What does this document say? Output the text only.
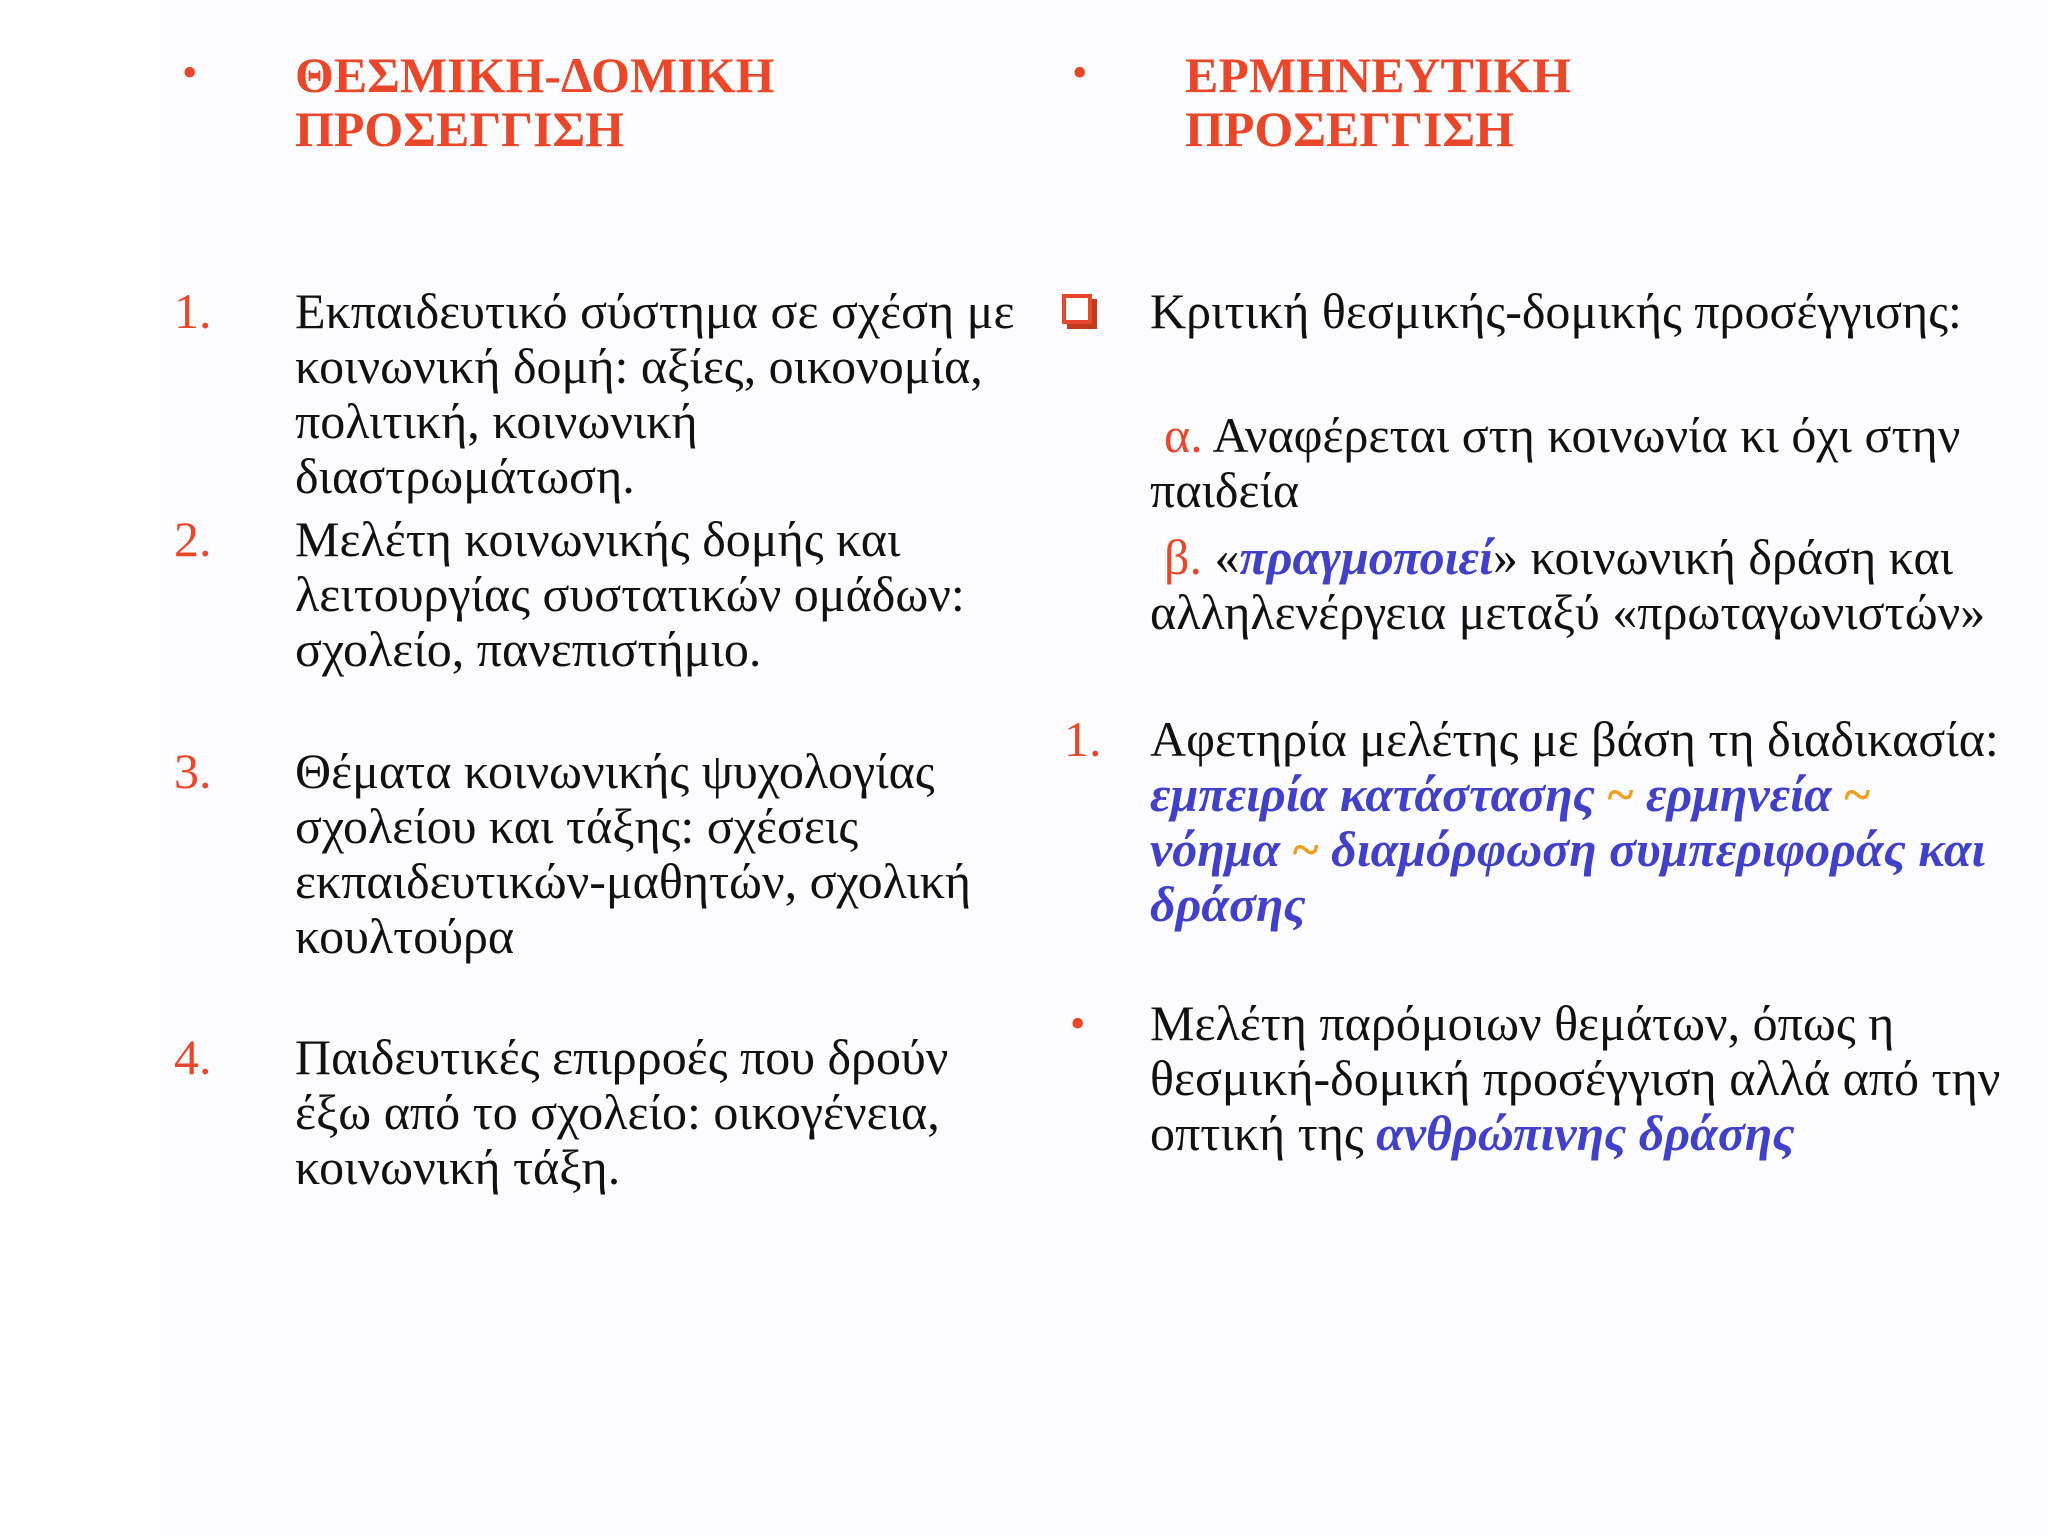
• ΘΕΣΜΙΚΗ-ΔΟΜΙΚΗ ΠΡΟΣΕΓΓΙΣΗ
1. Εκπαιδευτικό σύστημα σε σχέση με κοινωνική δομή: αξίες, οικονομία, πολιτική, κοινωνική διαστρωμάτωση.
2. Μελέτη κοινωνικής δομής και λειτουργίας συστατικών ομάδων: σχολείο, πανεπιστήμιο.
3. Θέματα κοινωνικής ψυχολογίας σχολείου και τάξης: σχέσεις εκπαιδευτικών-μαθητών, σχολική κουλτούρα
4. Παιδευτικές επιρροές που δρούν έξω από το σχολείο: οικογένεια, κοινωνική τάξη.
• ΕΡΜΗΝΕΥΤΙΚΗ ΠΡΟΣΕΓΓΙΣΗ
Κριτική θεσμικής-δομικής προσέγγισης:
α. Αναφέρεται στη κοινωνία κι όχι στην παιδεία
β. «πραγμοποιεί» κοινωνική δράση και αλληλενέργεια μεταξύ «πρωταγωνιστών»
1. Αφετηρία μελέτης με βάση τη διαδικασία: εμπειρία κατάστασης ~ ερμηνεία ~ νόημα ~ διαμόρφωση συμπεριφοράς και δράσης
• Μελέτη παρόμοιων θεμάτων, όπως η θεσμική-δομική προσέγγιση αλλά από την οπτική της ανθρώπινης δράσης
